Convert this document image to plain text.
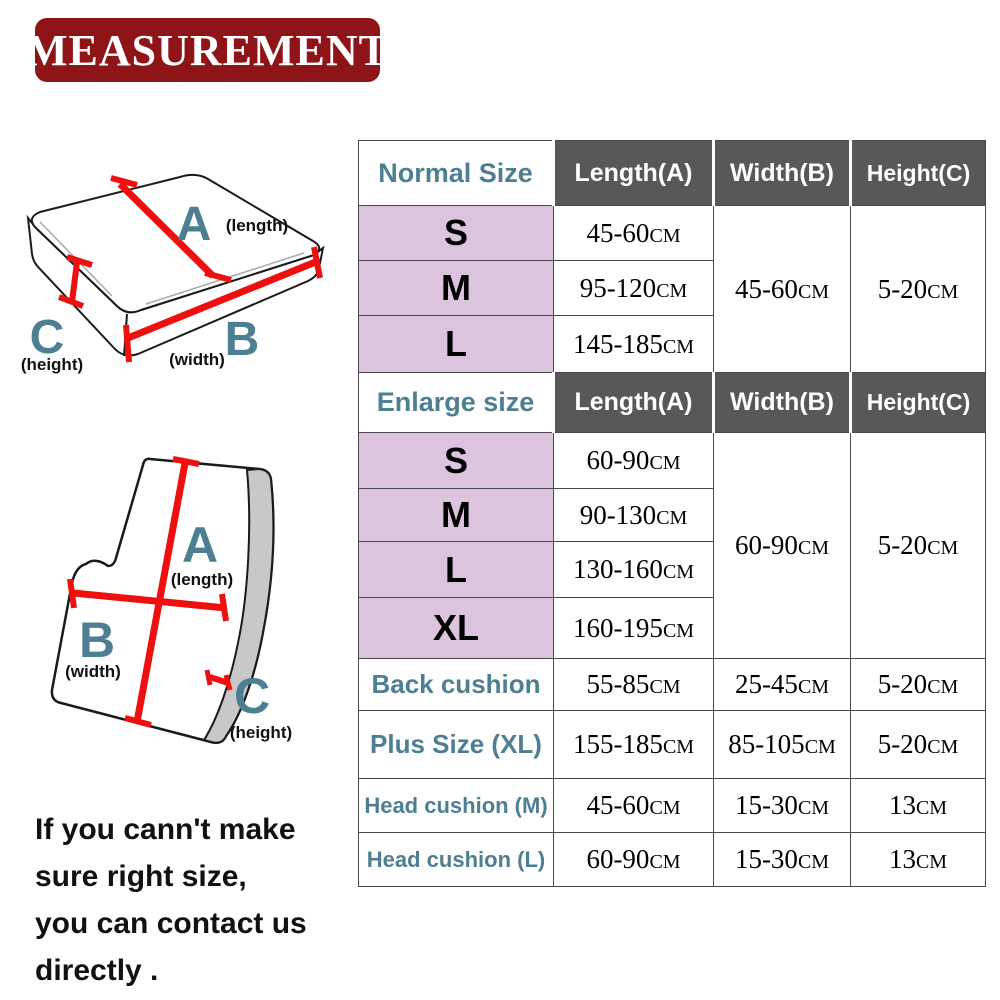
MEASUREMENT
A (length)
B
(width)
C
(height)
A
(length)
B
(width) C
(height)
Normal Size	Length(A)	Width(B)	Height(C)
S	45-60CM	45-60CM	5-20CM
M	95-120CM		
L	145-185CM		
Enlarge size	Length(A)	Width(B)	Height(C)
S	60-90CM	60-90CM	5-20CM
M	90-130CM		
L	130-160CM		
XL	160-195CM		
Back cushion	55-85CM	25-45CM	5-20CM
Plus Size (XL)	155-185CM	85-105CM	5-20CM
Head cushion (M)	45-60CM	15-30CM	13CM
Head cushion (L)	60-90CM	15-30CM	13CM
If you cann't make
sure right size,
you can contact us
directly .
